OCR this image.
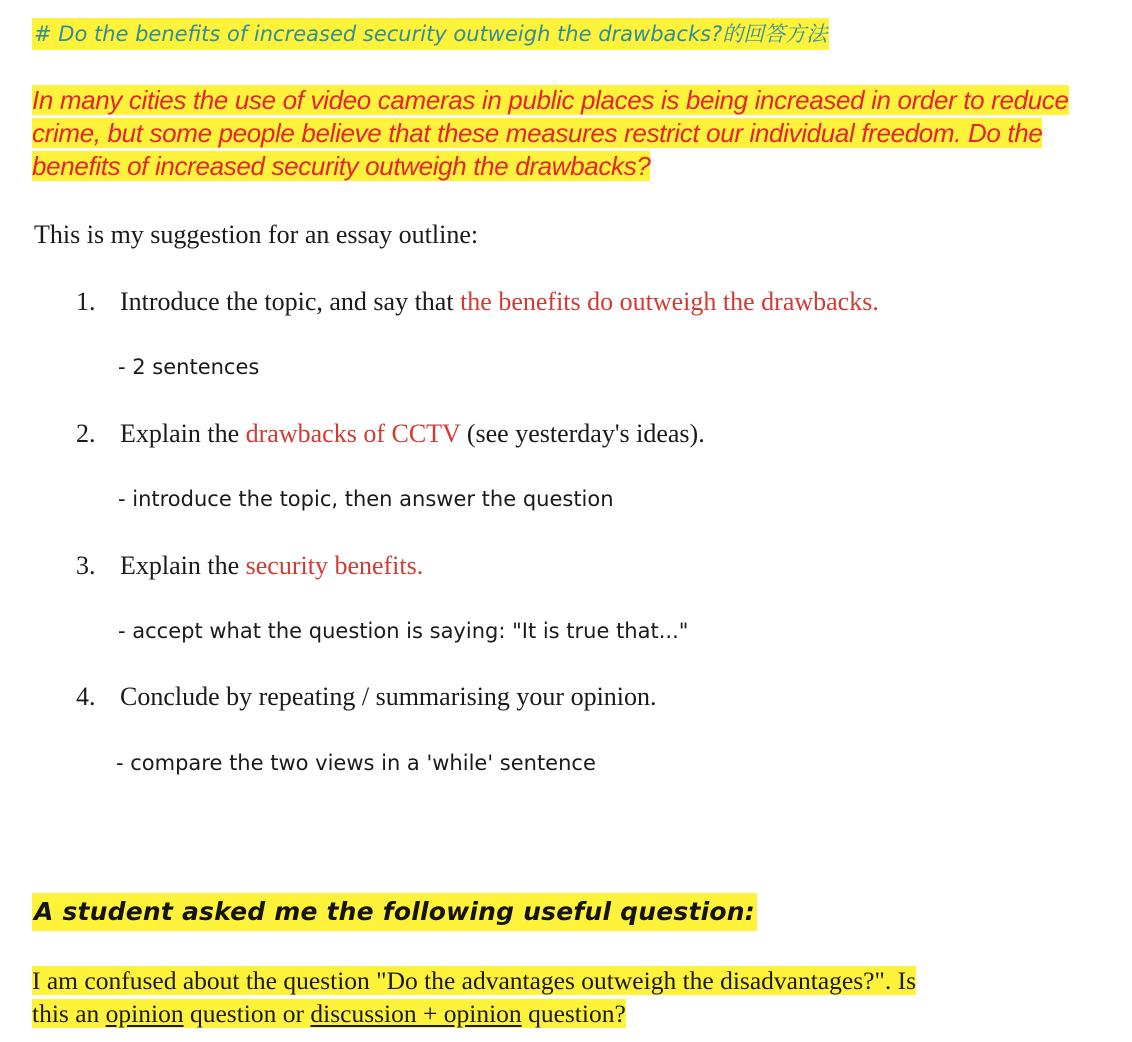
# Do the benefits of increased security outweigh the drawbacks?的回答方法
In many cities the use of video cameras in public places is being increased in order to reduce crime, but some people believe that these measures restrict our individual freedom. Do the benefits of increased security outweigh the drawbacks?
This is my suggestion for an essay outline:
1. Introduce the topic, and say that the benefits do outweigh the drawbacks.
- 2 sentences
2. Explain the drawbacks of CCTV (see yesterday's ideas).
- introduce the topic, then answer the question
3. Explain the security benefits.
- accept what the question is saying: "It is true that..."
4. Conclude by repeating / summarising your opinion.
- compare the two views in a 'while' sentence
A student asked me the following useful question:
I am confused about the question "Do the advantages outweigh the disadvantages?". Is
this an opinion question or discussion + opinion question?
